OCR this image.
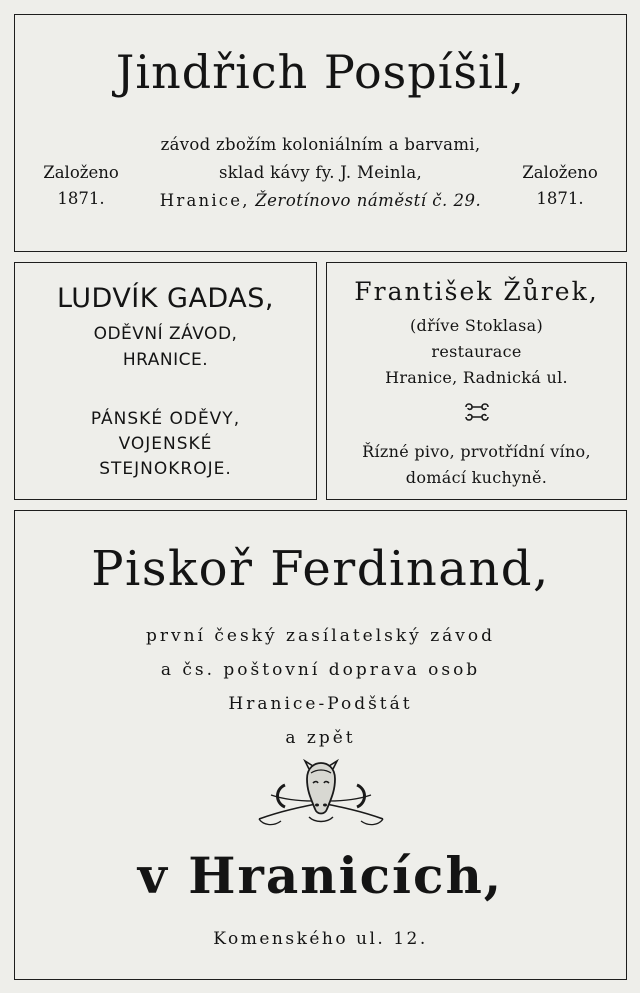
Jindřich Pospíšil,
Založeno
1871.
závod zbožím koloniálním a barvami,
sklad kávy fy. J. Meinla,
Hranice, Žerotínovo náměstí č. 29.
Založeno
1871.
LUDVÍK GADAS,
ODĚVNÍ ZÁVOD,
HRANICE.
PÁNSKÉ ODĚVY,
VOJENSKÉ
STEJNOKROJE.
František Žůrek,
(dříve Stoklasa)
restaurace
Hranice, Radnická ul.
Řízné pivo, prvotřídní víno,
domácí kuchyně.
Piskoř Ferdinand,
první český zasílatelský závod
a čs. poštovní doprava osob
Hranice-Podštát
a zpět
v Hranicích,
Komenského ul. 12.
